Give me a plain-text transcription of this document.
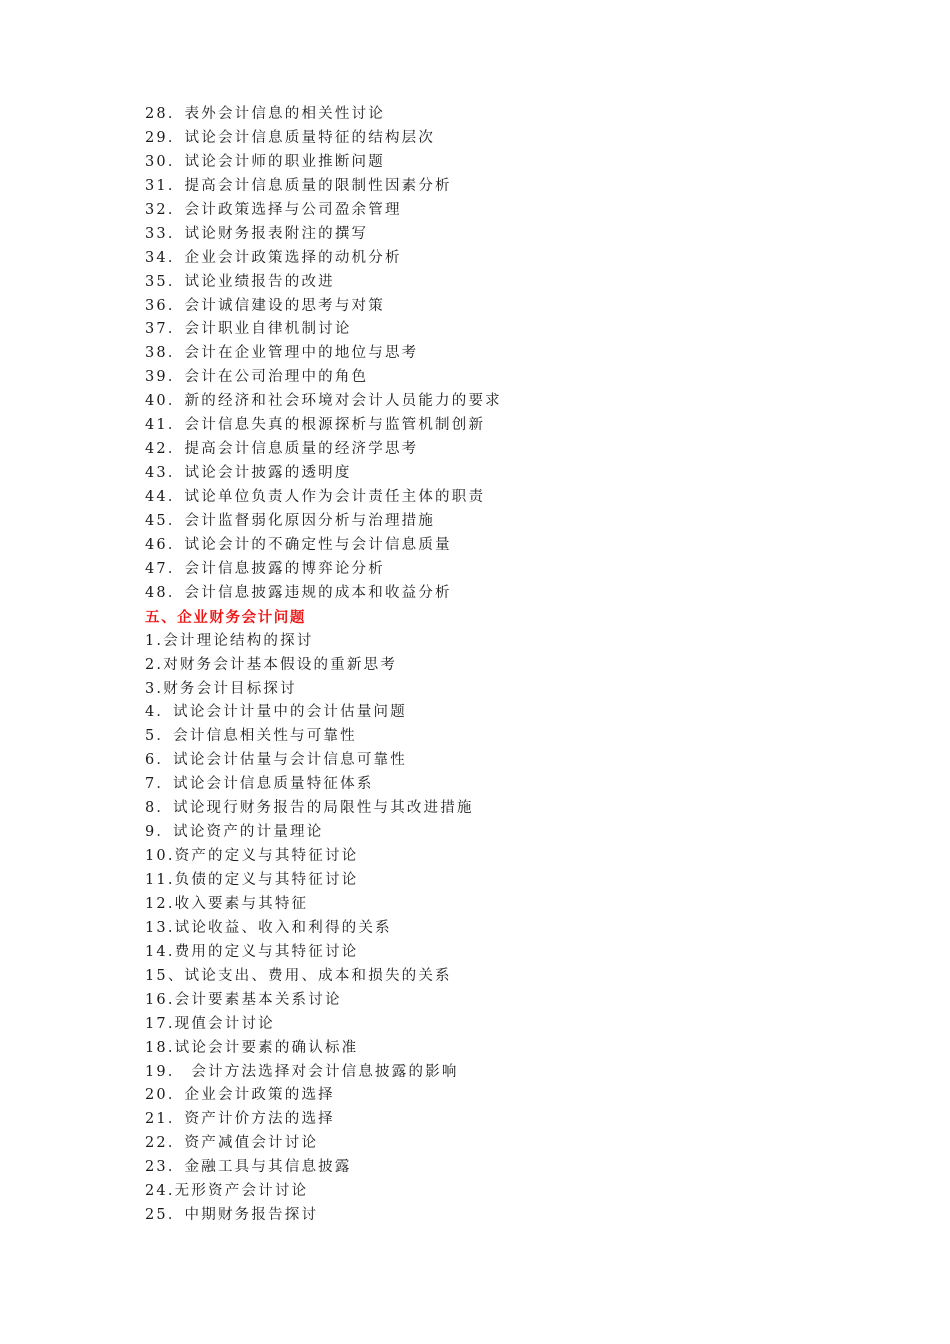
28．表外会计信息的相关性讨论
29．试论会计信息质量特征的结构层次
30．试论会计师的职业推断问题
31．提高会计信息质量的限制性因素分析
32．会计政策选择与公司盈余管理
33．试论财务报表附注的撰写
34．企业会计政策选择的动机分析
35．试论业绩报告的改进
36．会计诚信建设的思考与对策
37．会计职业自律机制讨论
38．会计在企业管理中的地位与思考
39．会计在公司治理中的角色
40．新的经济和社会环境对会计人员能力的要求
41．会计信息失真的根源探析与监管机制创新
42．提高会计信息质量的经济学思考
43．试论会计披露的透明度
44．试论单位负责人作为会计责任主体的职责
45．会计监督弱化原因分析与治理措施
46．试论会计的不确定性与会计信息质量
47．会计信息披露的博弈论分析
48．会计信息披露违规的成本和收益分析
五、企业财务会计问题
1.会计理论结构的探讨
2.对财务会计基本假设的重新思考
3.财务会计目标探讨
4．试论会计计量中的会计估量问题
5．会计信息相关性与可靠性
6．试论会计估量与会计信息可靠性
7．试论会计信息质量特征体系
8．试论现行财务报告的局限性与其改进措施
9．试论资产的计量理论
10.资产的定义与其特征讨论
11.负债的定义与其特征讨论
12.收入要素与其特征
13.试论收益、收入和利得的关系
14.费用的定义与其特征讨论
15、试论支出、费用、成本和损失的关系
16.会计要素基本关系讨论
17.现值会计讨论
18.试论会计要素的确认标准
19． 会计方法选择对会计信息披露的影响
20．企业会计政策的选择
21．资产计价方法的选择
22．资产减值会计讨论
23．金融工具与其信息披露
24.无形资产会计讨论
25．中期财务报告探讨
